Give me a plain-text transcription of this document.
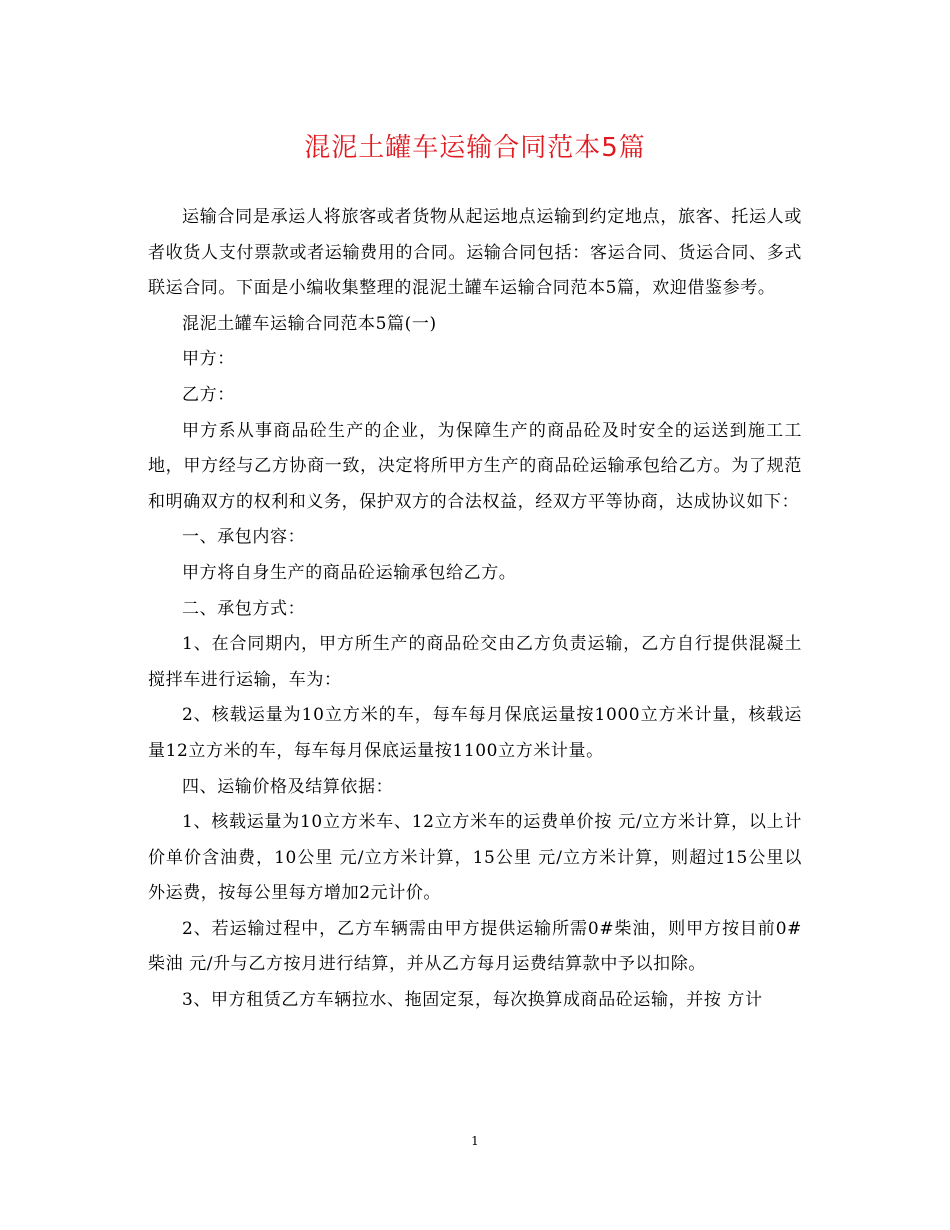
混泥土罐车运输合同范本5篇

运输合同是承运人将旅客或者货物从起运地点运输到约定地点，旅客、托运人或者收货人支付票款或者运输费用的合同。运输合同包括：客运合同、货运合同、多式联运合同。下面是小编收集整理的混泥土罐车运输合同范本5篇，欢迎借鉴参考。

混泥土罐车运输合同范本5篇(一)

甲方：

乙方：

甲方系从事商品砼生产的企业，为保障生产的商品砼及时安全的运送到施工工地，甲方经与乙方协商一致，决定将所甲方生产的商品砼运输承包给乙方。为了规范和明确双方的权利和义务，保护双方的合法权益，经双方平等协商，达成协议如下：

一、承包内容：

甲方将自身生产的商品砼运输承包给乙方。

二、承包方式：

1、在合同期内，甲方所生产的商品砼交由乙方负责运输，乙方自行提供混凝土搅拌车进行运输，车为：

2、核载运量为10立方米的车，每车每月保底运量按1000立方米计量，核载运量12立方米的车，每车每月保底运量按1100立方米计量。

四、运输价格及结算依据：

1、核载运量为10立方米车、12立方米车的运费单价按 元/立方米计算，以上计价单价含油费，10公里 元/立方米计算，15公里 元/立方米计算，则超过15公里以外运费，按每公里每方增加2元计价。

2、若运输过程中，乙方车辆需由甲方提供运输所需0#柴油，则甲方按目前0#柴油 元/升与乙方按月进行结算，并从乙方每月运费结算款中予以扣除。

3、甲方租赁乙方车辆拉水、拖固定泵，每次换算成商品砼运输，并按 方计

1
